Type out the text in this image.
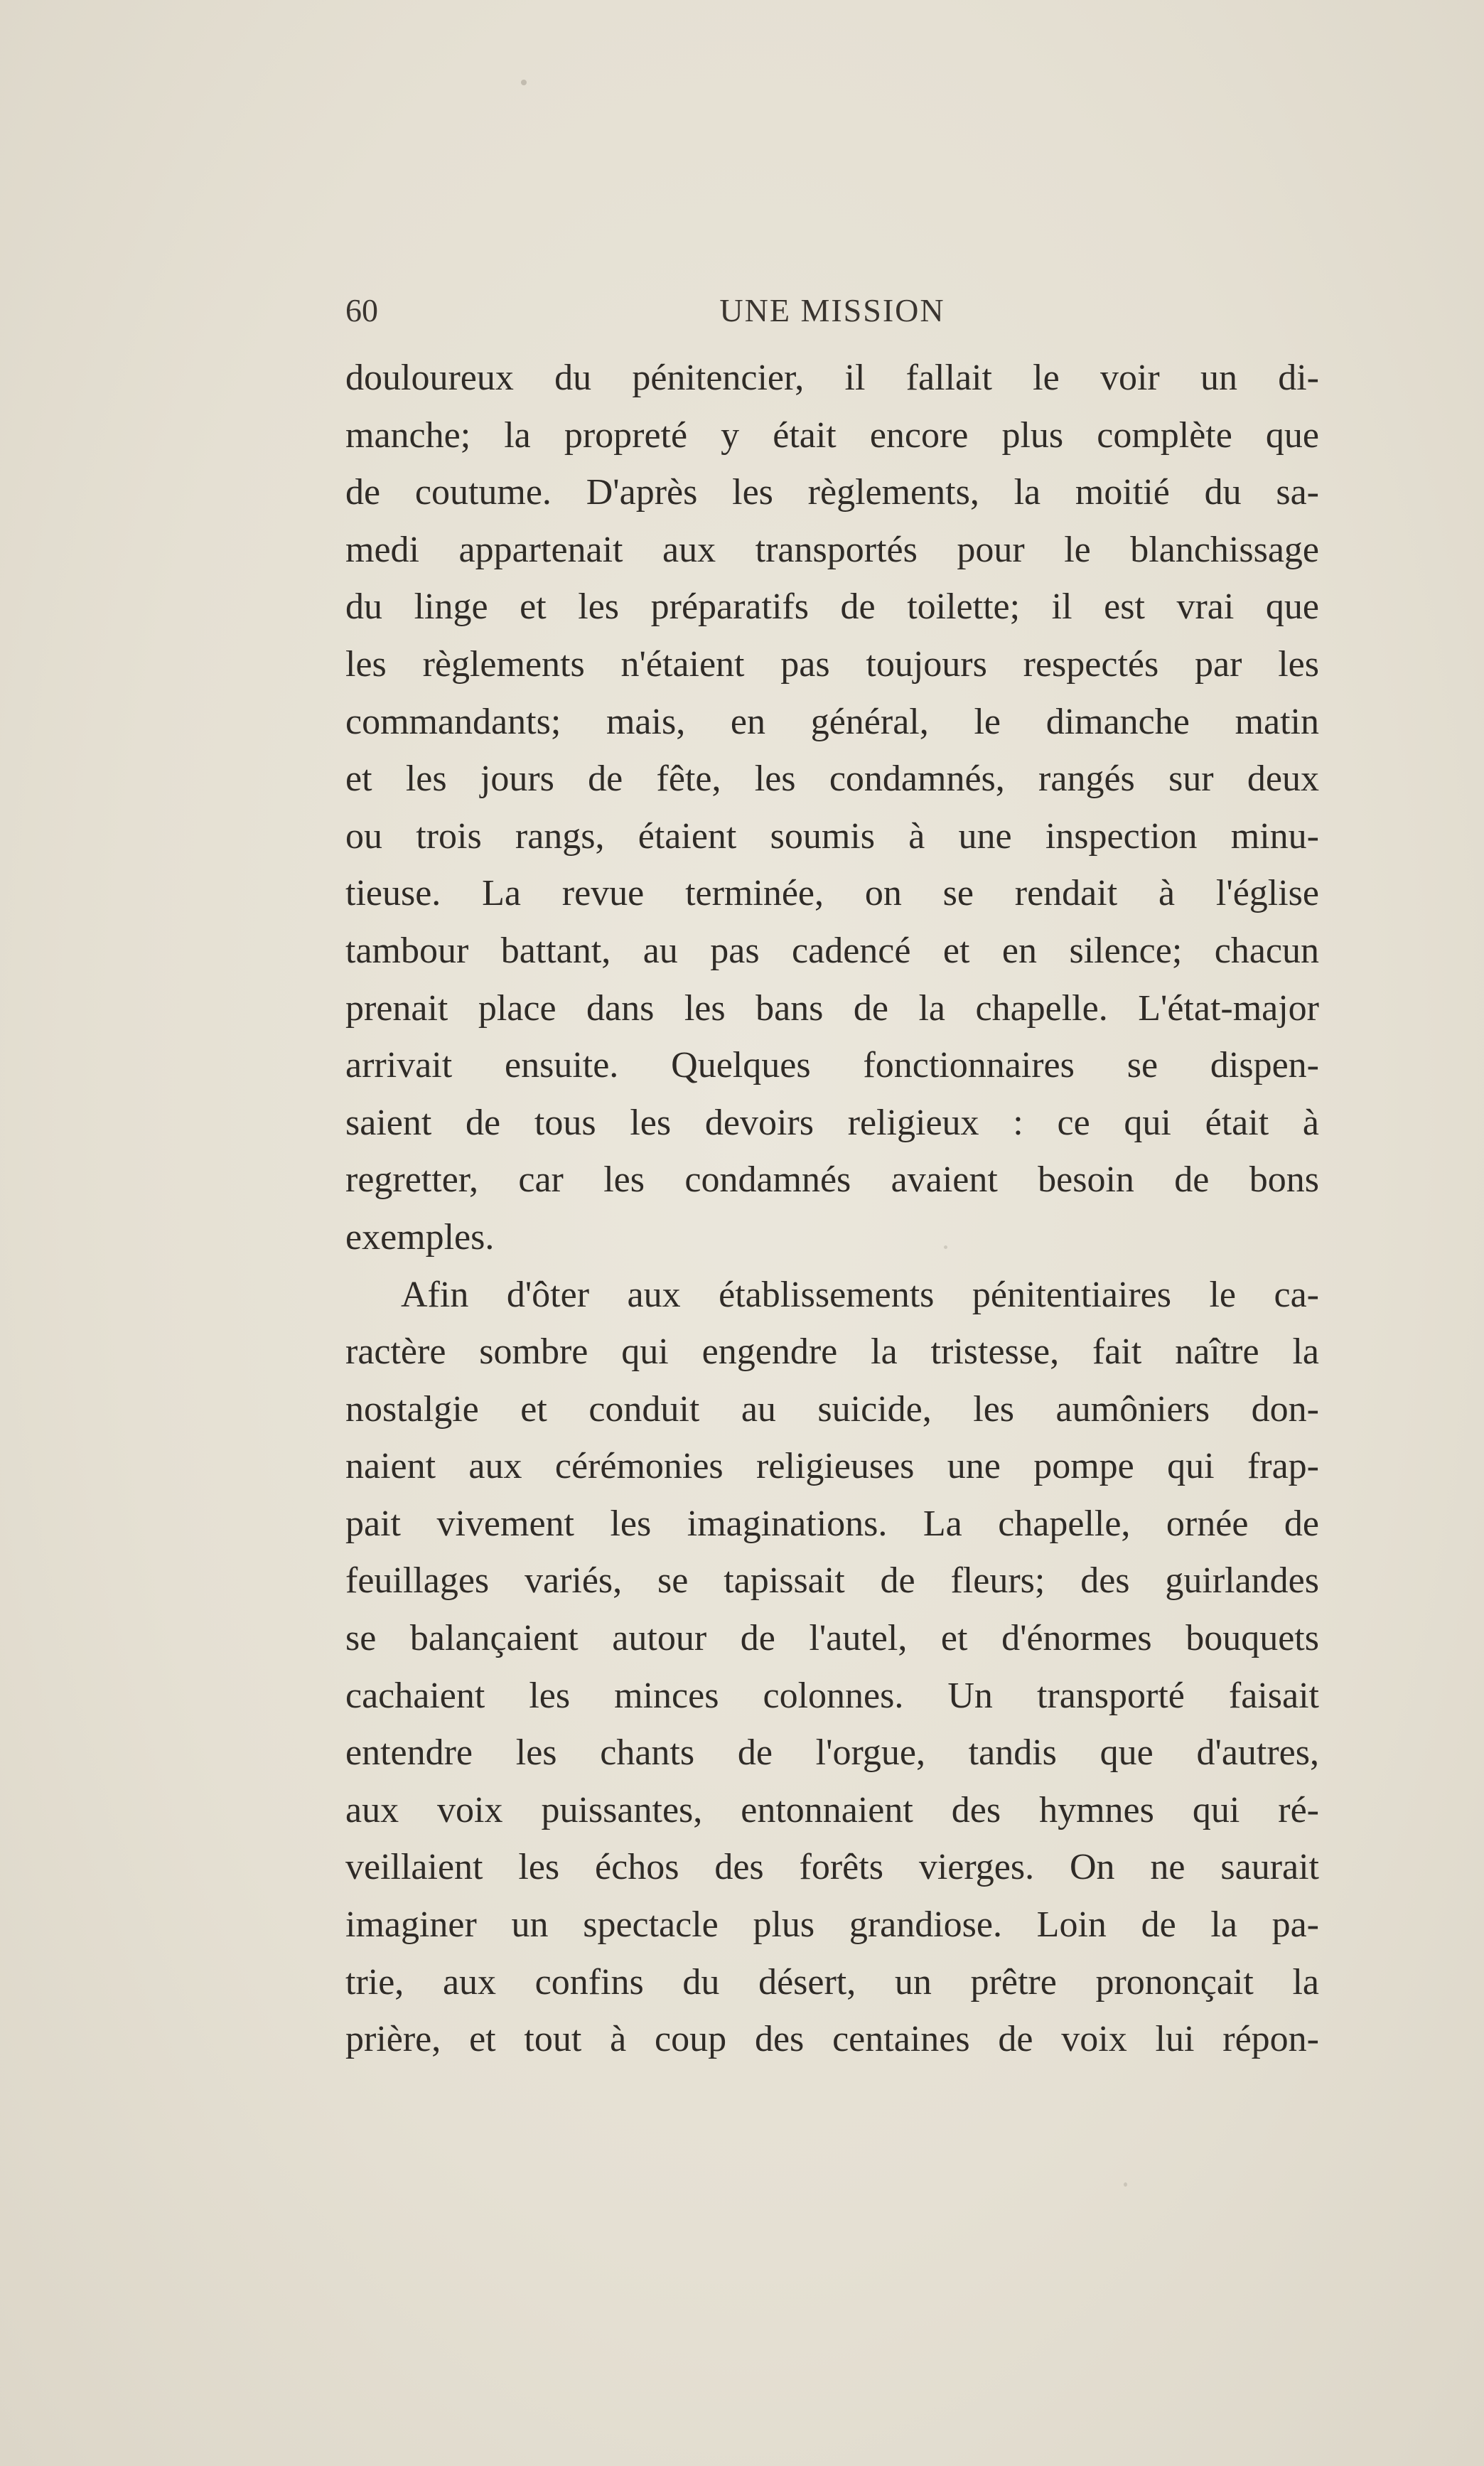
60	UNE MISSION
douloureux du pénitencier, il fallait le voir un di-
manche; la propreté y était encore plus complète que
de coutume. D'après les règlements, la moitié du sa-
medi appartenait aux transportés pour le blanchissage
du linge et les préparatifs de toilette; il est vrai que
les règlements n'étaient pas toujours respectés par les
commandants; mais, en général, le dimanche matin
et les jours de fête, les condamnés, rangés sur deux
ou trois rangs, étaient soumis à une inspection minu-
tieuse. La revue terminée, on se rendait à l'église
tambour battant, au pas cadencé et en silence; chacun
prenait place dans les bans de la chapelle. L'état-major
arrivait ensuite. Quelques fonctionnaires se dispen-
saient de tous les devoirs religieux : ce qui était à
regretter, car les condamnés avaient besoin de bons
exemples.
Afin d'ôter aux établissements pénitentiaires le ca-
ractère sombre qui engendre la tristesse, fait naître la
nostalgie et conduit au suicide, les aumôniers don-
naient aux cérémonies religieuses une pompe qui frap-
pait vivement les imaginations. La chapelle, ornée de
feuillages variés, se tapissait de fleurs; des guirlandes
se balançaient autour de l'autel, et d'énormes bouquets
cachaient les minces colonnes. Un transporté faisait
entendre les chants de l'orgue, tandis que d'autres,
aux voix puissantes, entonnaient des hymnes qui ré-
veillaient les échos des forêts vierges. On ne saurait
imaginer un spectacle plus grandiose. Loin de la pa-
trie, aux confins du désert, un prêtre prononçait la
prière, et tout à coup des centaines de voix lui répon-
